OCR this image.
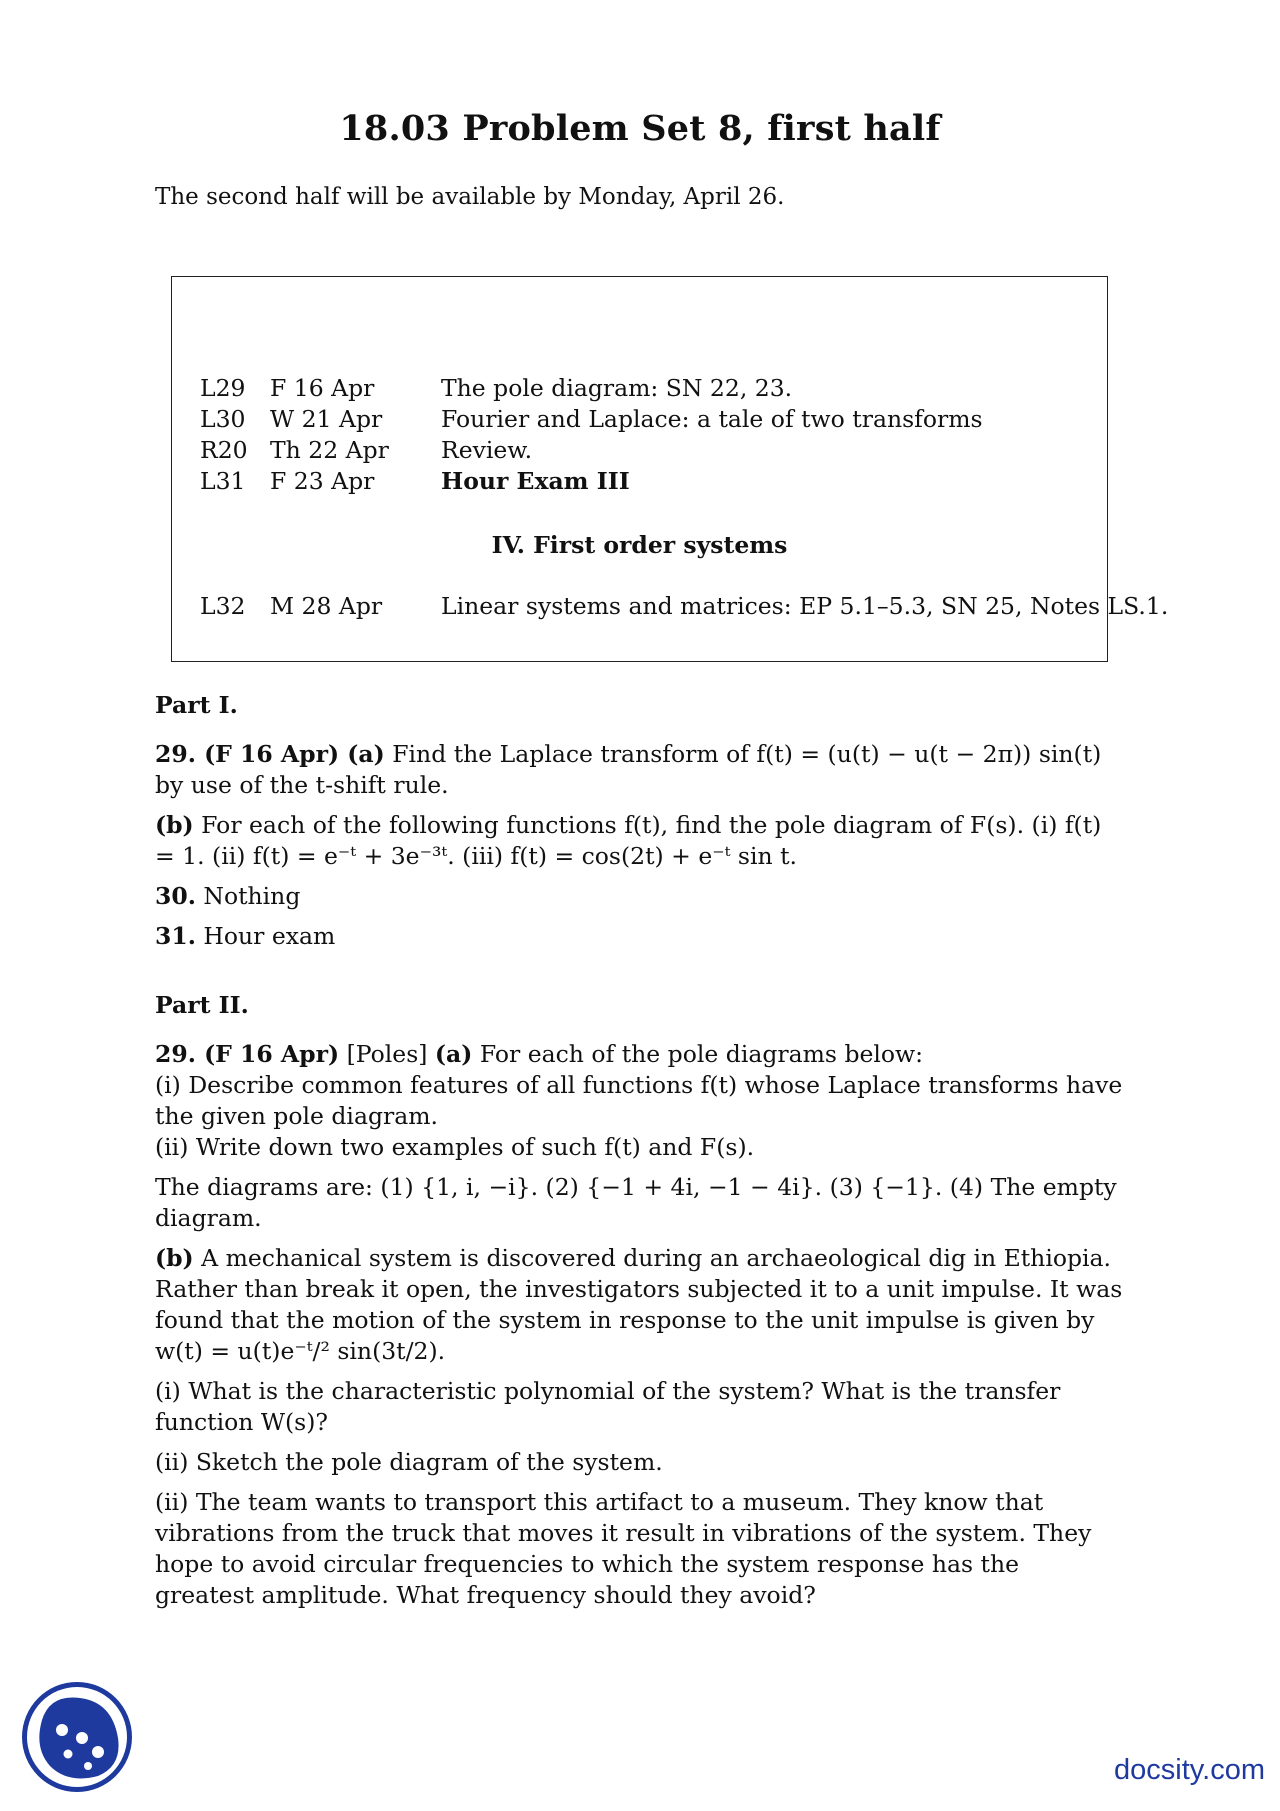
18.03 Problem Set 8, first half
The second half will be available by Monday, April 26.
L29 F 16 Apr	The pole diagram: SN 22, 23.
L30 W 21 Apr	Fourier and Laplace: a tale of two transforms
R20 Th 22 Apr Review.
L31 F 23 Apr	Hour Exam III
IV. First order systems
L32 M 28 Apr	Linear systems and matrices: EP 5.1–5.3, SN 25, Notes LS.1.

Part I.

29. (F 16 Apr) (a) Find the Laplace transform of f(t) = (u(t) − u(t − 2π)) sin(t) by use of the t-shift rule.

(b) For each of the following functions f(t), find the pole diagram of F(s). (i) f(t) = 1. (ii) f(t) = e⁻ᵗ + 3e⁻³ᵗ. (iii) f(t) = cos(2t) + e⁻ᵗ sin t.

30. Nothing

31. Hour exam

Part II.

29. (F 16 Apr) [Poles] (a) For each of the pole diagrams below:

(i) Describe common features of all functions f(t) whose Laplace transforms have the given pole diagram.

(ii) Write down two examples of such f(t) and F(s).

The diagrams are: (1) {1, i, −i}. (2) {−1 + 4i, −1 − 4i}. (3) {−1}. (4) The empty diagram.

(b) A mechanical system is discovered during an archaeological dig in Ethiopia. Rather than break it open, the investigators subjected it to a unit impulse. It was found that the motion of the system in response to the unit impulse is given by w(t) = u(t)e⁻ᵗ/² sin(3t/2).

(i) What is the characteristic polynomial of the system? What is the transfer function W(s)?

(ii) Sketch the pole diagram of the system.

(ii) The team wants to transport this artifact to a museum. They know that vibrations from the truck that moves it result in vibrations of the system. They hope to avoid circular frequencies to which the system response has the greatest amplitude. What frequency should they avoid?

docsity.com
